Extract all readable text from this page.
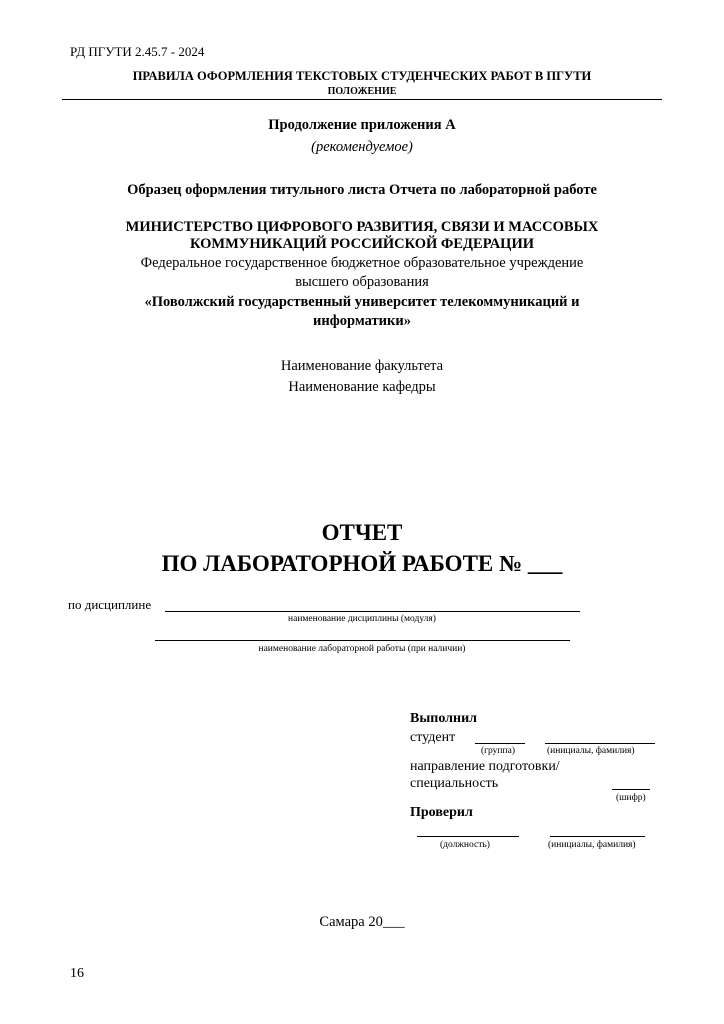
РД ПГУТИ 2.45.7 - 2024
ПРАВИЛА ОФОРМЛЕНИЯ ТЕКСТОВЫХ СТУДЕНЧЕСКИХ РАБОТ В ПГУТИ
ПОЛОЖЕНИЕ
Продолжение приложения А
(рекомендуемое)
Образец оформления титульного листа Отчета по лабораторной работе
МИНИСТЕРСТВО ЦИФРОВОГО РАЗВИТИЯ, СВЯЗИ И МАССОВЫХ
КОММУНИКАЦИЙ РОССИЙСКОЙ ФЕДЕРАЦИИ
Федеральное государственное бюджетное образовательное учреждение
высшего образования
«Поволжский государственный университет телекоммуникаций и
информатики»
Наименование факультета
Наименование кафедры
ОТЧЕТ
ПО ЛАБОРАТОРНОЙ РАБОТЕ № ___
по дисциплине
наименование дисциплины (модуля)
наименование лабораторной работы (при наличии)
Выполнил
студент
(группа)	(инициалы, фамилия)
направление подготовки/
специальность
(шифр)
Проверил
(должность)	(инициалы, фамилия)
Самара 20___
16
